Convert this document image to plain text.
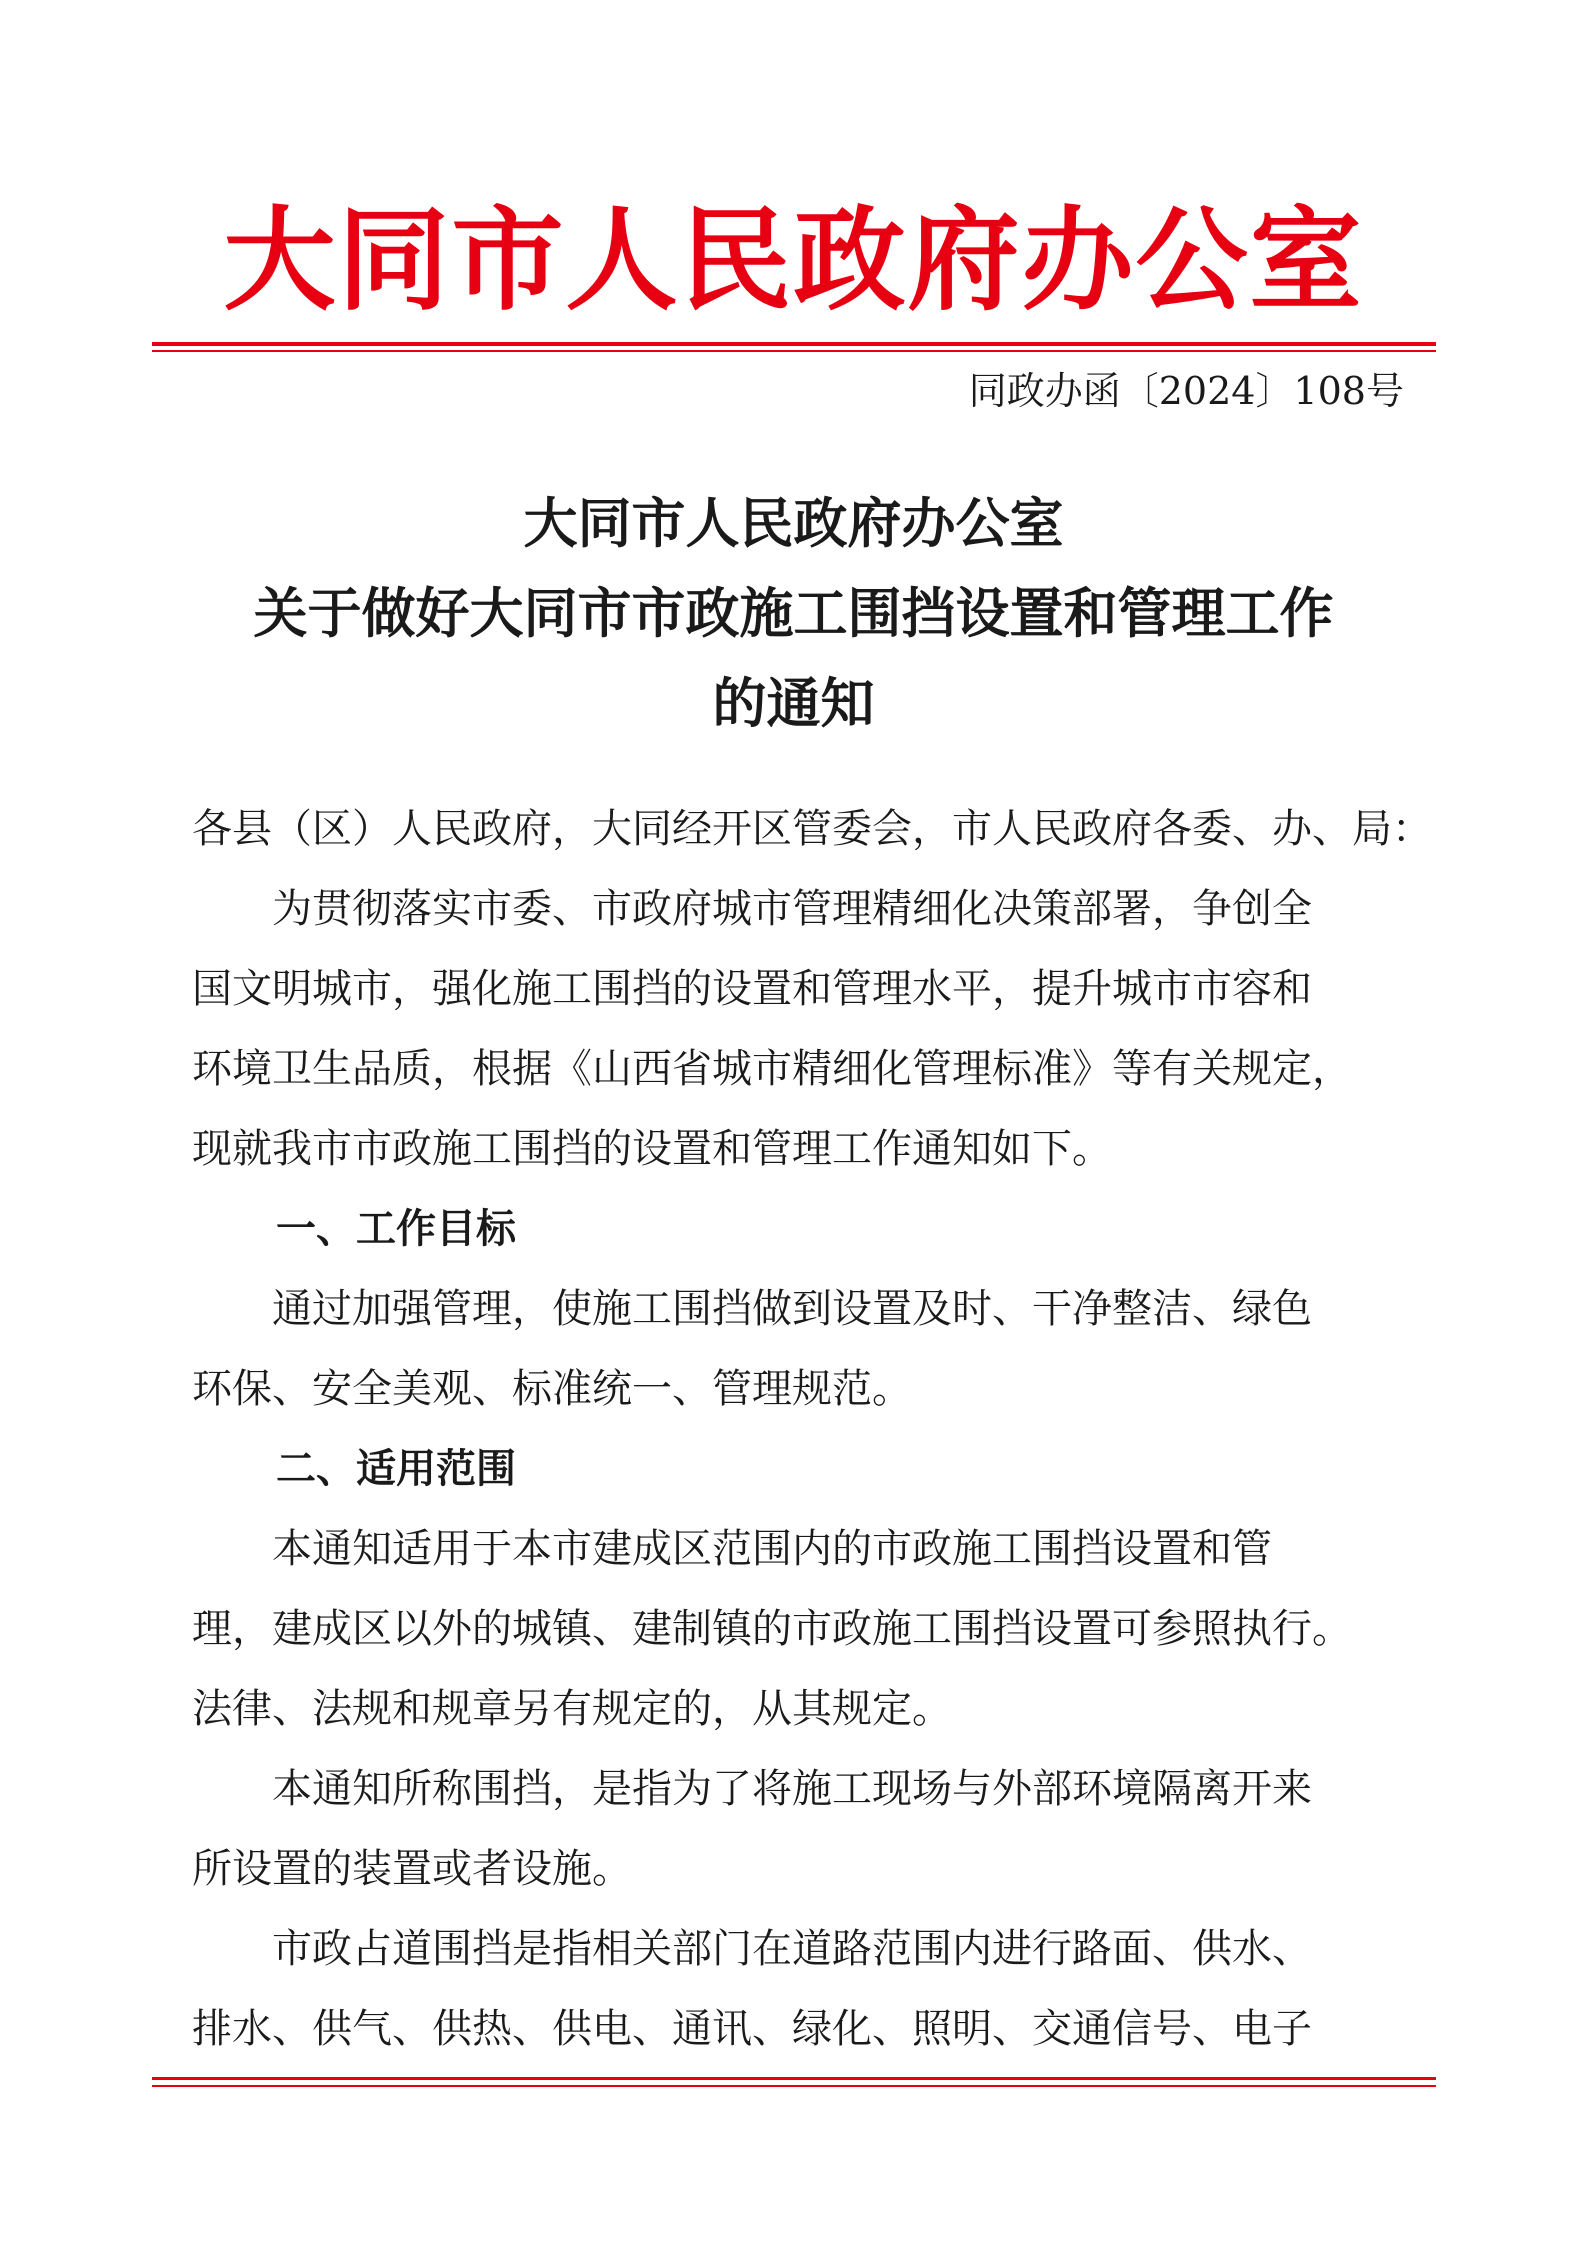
大同市人民政府办公室
同政办函〔2024〕108号
大同市人民政府办公室
关于做好大同市市政施工围挡设置和管理工作
的通知
各县（区）人民政府，大同经开区管委会，市人民政府各委、办、局：
　　为贯彻落实市委、市政府城市管理精细化决策部署，争创全
国文明城市，强化施工围挡的设置和管理水平，提升城市市容和
环境卫生品质，根据《山西省城市精细化管理标准》等有关规定，
现就我市市政施工围挡的设置和管理工作通知如下。
一、工作目标
　　通过加强管理，使施工围挡做到设置及时、干净整洁、绿色
环保、安全美观、标准统一、管理规范。
二、适用范围
　　本通知适用于本市建成区范围内的市政施工围挡设置和管
理，建成区以外的城镇、建制镇的市政施工围挡设置可参照执行。
法律、法规和规章另有规定的，从其规定。
　　本通知所称围挡，是指为了将施工现场与外部环境隔离开来
所设置的装置或者设施。
　　市政占道围挡是指相关部门在道路范围内进行路面、供水、
排水、供气、供热、供电、通讯、绿化、照明、交通信号、电子
